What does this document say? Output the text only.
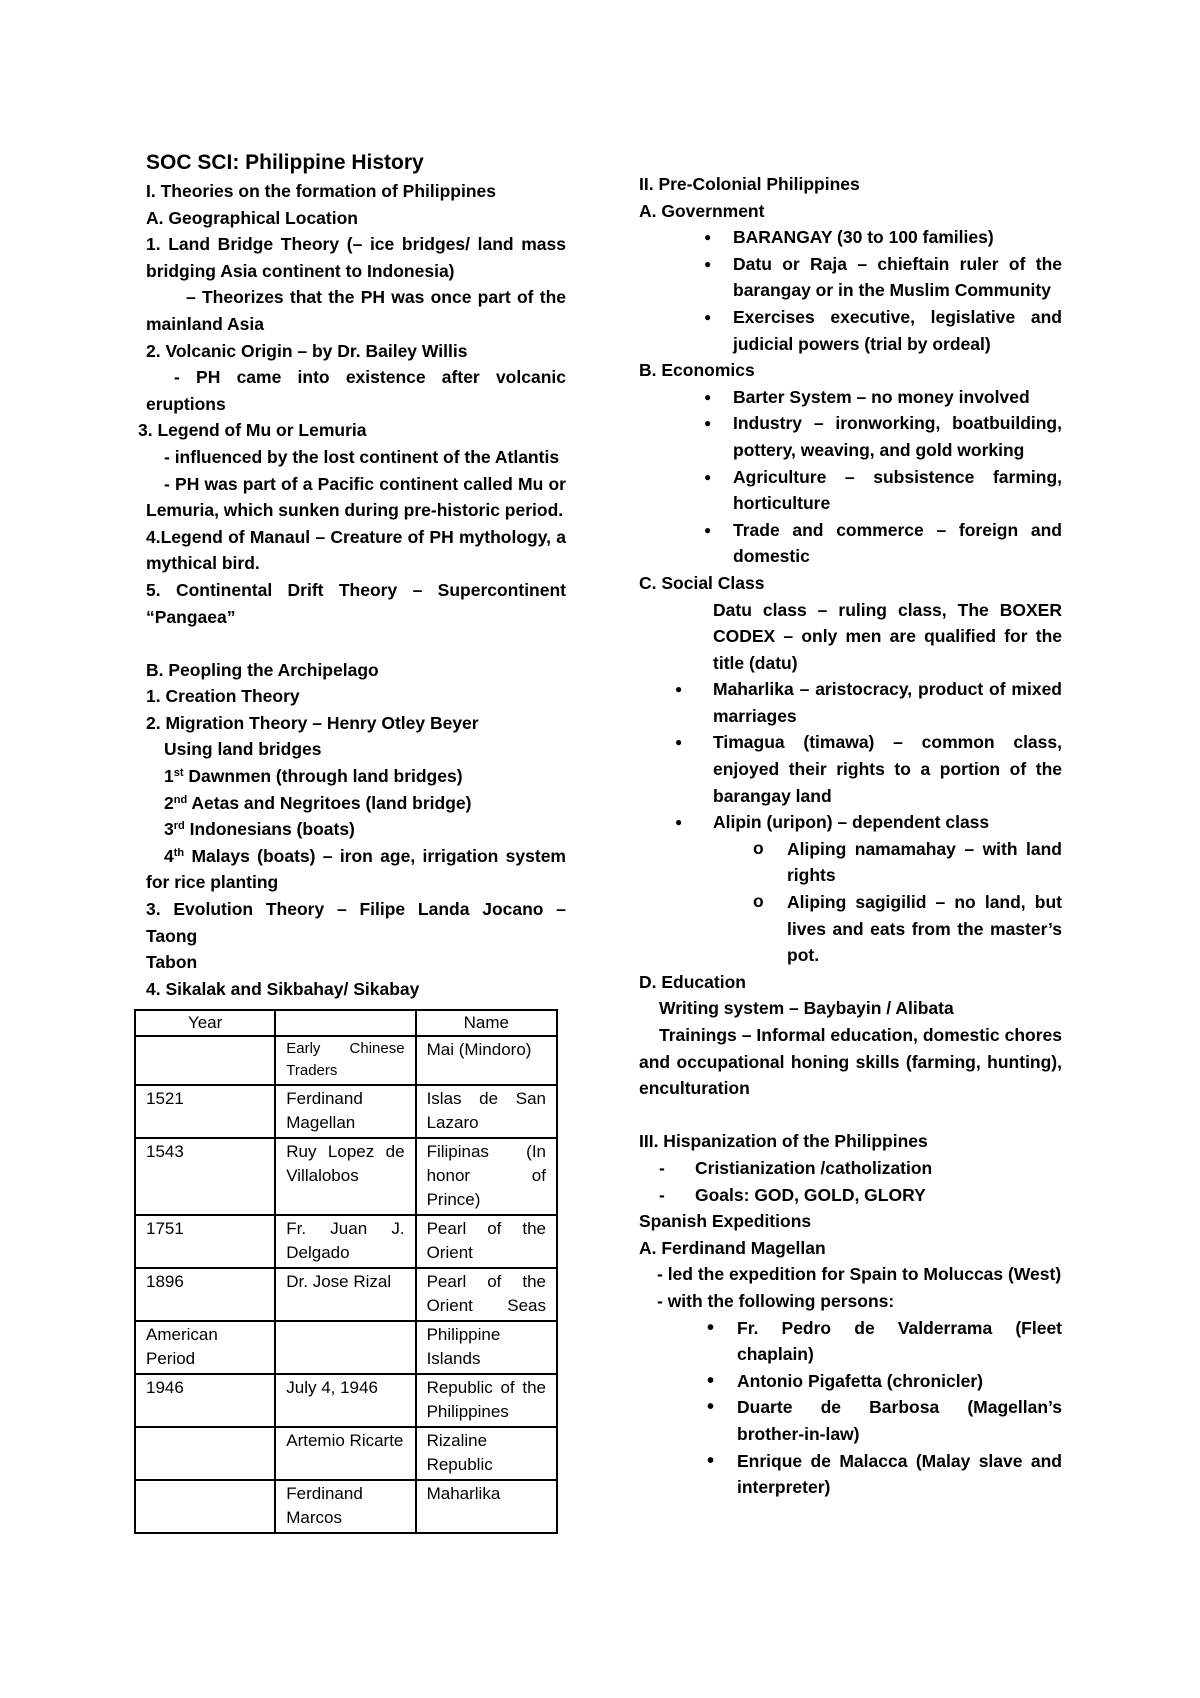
SOC SCI: Philippine History
I. Theories on the formation of Philippines
A. Geographical Location
1. Land Bridge Theory (– ice bridges/ land mass
bridging Asia continent to Indonesia)
– Theorizes that the PH was once part of the
mainland Asia
2. Volcanic Origin – by Dr. Bailey Willis
- PH came into existence after volcanic
eruptions
3. Legend of Mu or Lemuria
- influenced by the lost continent of the Atlantis
- PH was part of a Pacific continent called Mu or
Lemuria, which sunken during pre-historic period.
4.Legend of Manaul – Creature of PH mythology, a
mythical bird.
5. Continental Drift Theory – Supercontinent
“Pangaea”
B. Peopling the Archipelago
1. Creation Theory
2. Migration Theory – Henry Otley Beyer
Using land bridges
1st Dawnmen (through land bridges)
2nd Aetas and Negritoes (land bridge)
3rd Indonesians (boats)
4th Malays (boats) – iron age, irrigation system
for rice planting
3. Evolution Theory – Filipe Landa Jocano – Taong
Tabon
4. Sikalak and Sikbahay/ Sikabay
Year		Name
	Early Chinese Traders	Mai (Mindoro)
1521	Ferdinand Magellan	Islas de San Lazaro
1543	Ruy Lopez de Villalobos	Filipinas (In honor of Prince)
1751	Fr. Juan J. Delgado	Pearl of the Orient
1896	Dr. Jose Rizal	Pearl of the Orient Seas
American Period		Philippine Islands
1946	July 4, 1946	Republic of the Philippines
	Artemio Ricarte	Rizaline Republic
	Ferdinand Marcos	Maharlika
II. Pre-Colonial Philippines
A. Government
● BARANGAY (30 to 100 families)
● Datu or Raja – chieftain ruler of the barangay or in the Muslim Community
● Exercises executive, legislative and judicial powers (trial by ordeal)
B. Economics
● Barter System – no money involved
● Industry – ironworking, boatbuilding, pottery, weaving, and gold working
● Agriculture – subsistence farming, horticulture
● Trade and commerce – foreign and domestic
C. Social Class
Datu class – ruling class, The BOXER CODEX – only men are qualified for the title (datu)
● Maharlika – aristocracy, product of mixed marriages
● Timagua (timawa) – common class, enjoyed their rights to a portion of the barangay land
● Alipin (uripon) – dependent class
o Aliping namamahay – with land rights
o Aliping sagigilid – no land, but lives and eats from the master’s pot.
D. Education
Writing system – Baybayin / Alibata
Trainings – Informal education, domestic chores and occupational honing skills (farming, hunting), enculturation
III. Hispanization of the Philippines
- Cristianization /catholization
- Goals: GOD, GOLD, GLORY
Spanish Expeditions
A. Ferdinand Magellan
- led the expedition for Spain to Moluccas (West)
- with the following persons:
• Fr. Pedro de Valderrama (Fleet chaplain)
• Antonio Pigafetta (chronicler)
• Duarte de Barbosa (Magellan’s brother-in-law)
• Enrique de Malacca (Malay slave and interpreter)
